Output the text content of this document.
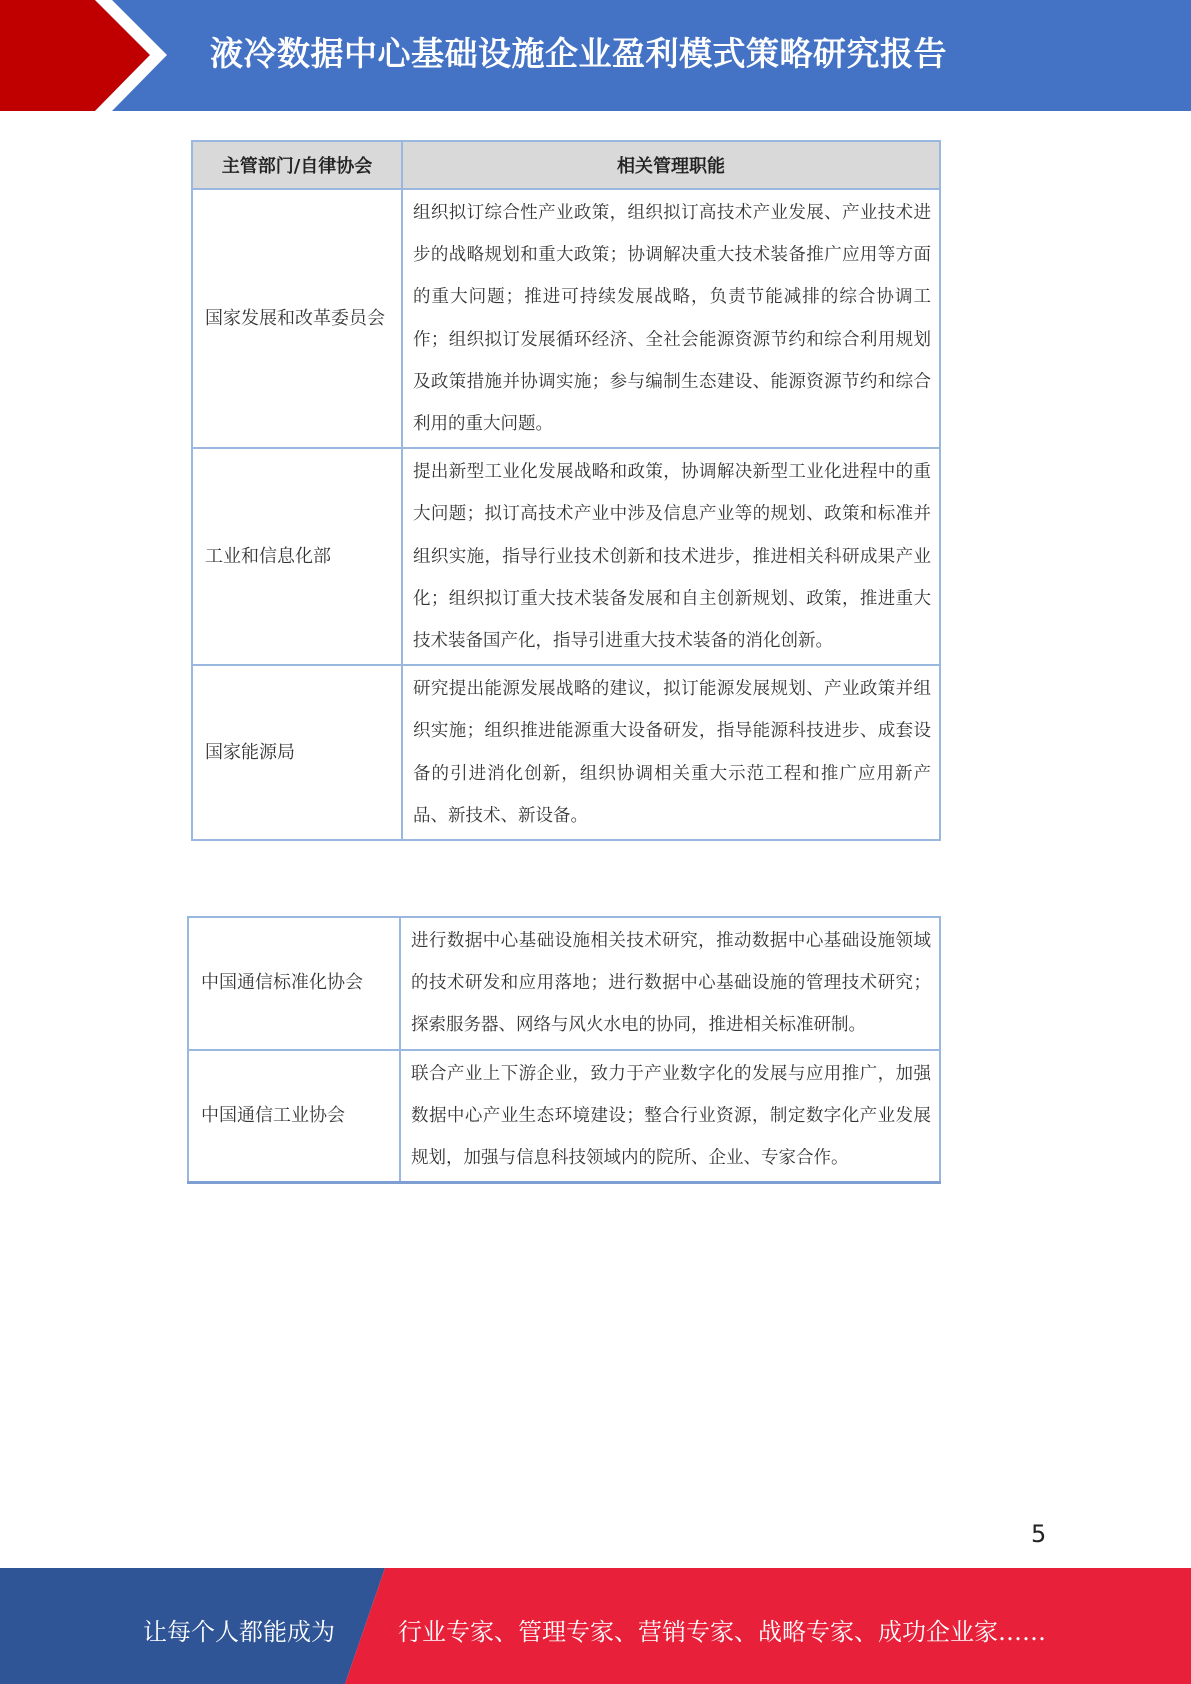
液冷数据中心基础设施企业盈利模式策略研究报告
主管部门/自律协会	相关管理职能
国家发展和改革委员会	组织拟订综合性产业政策，组织拟订高技术产业发展、产业技术进步的战略规划和重大政策；协调解决重大技术装备推广应用等方面的重大问题；推进可持续发展战略，负责节能减排的综合协调工作；组织拟订发展循环经济、全社会能源资源节约和综合利用规划及政策措施并协调实施；参与编制生态建设、能源资源节约和综合利用的重大问题。
工业和信息化部	提出新型工业化发展战略和政策，协调解决新型工业化进程中的重大问题；拟订高技术产业中涉及信息产业等的规划、政策和标准并组织实施，指导行业技术创新和技术进步，推进相关科研成果产业化；组织拟订重大技术装备发展和自主创新规划、政策，推进重大技术装备国产化，指导引进重大技术装备的消化创新。
国家能源局	研究提出能源发展战略的建议，拟订能源发展规划、产业政策并组织实施；组织推进能源重大设备研发，指导能源科技进步、成套设备的引进消化创新，组织协调相关重大示范工程和推广应用新产品、新技术、新设备。
中国通信标准化协会	进行数据中心基础设施相关技术研究，推动数据中心基础设施领域的技术研发和应用落地；进行数据中心基础设施的管理技术研究；探索服务器、网络与风火水电的协同，推进相关标准研制。
中国通信工业协会	联合产业上下游企业，致力于产业数字化的发展与应用推广，加强数据中心产业生态环境建设；整合行业资源，制定数字化产业发展规划，加强与信息科技领域内的院所、企业、专家合作。
5
让每个人都能成为	行业专家、管理专家、营销专家、战略专家、成功企业家……
